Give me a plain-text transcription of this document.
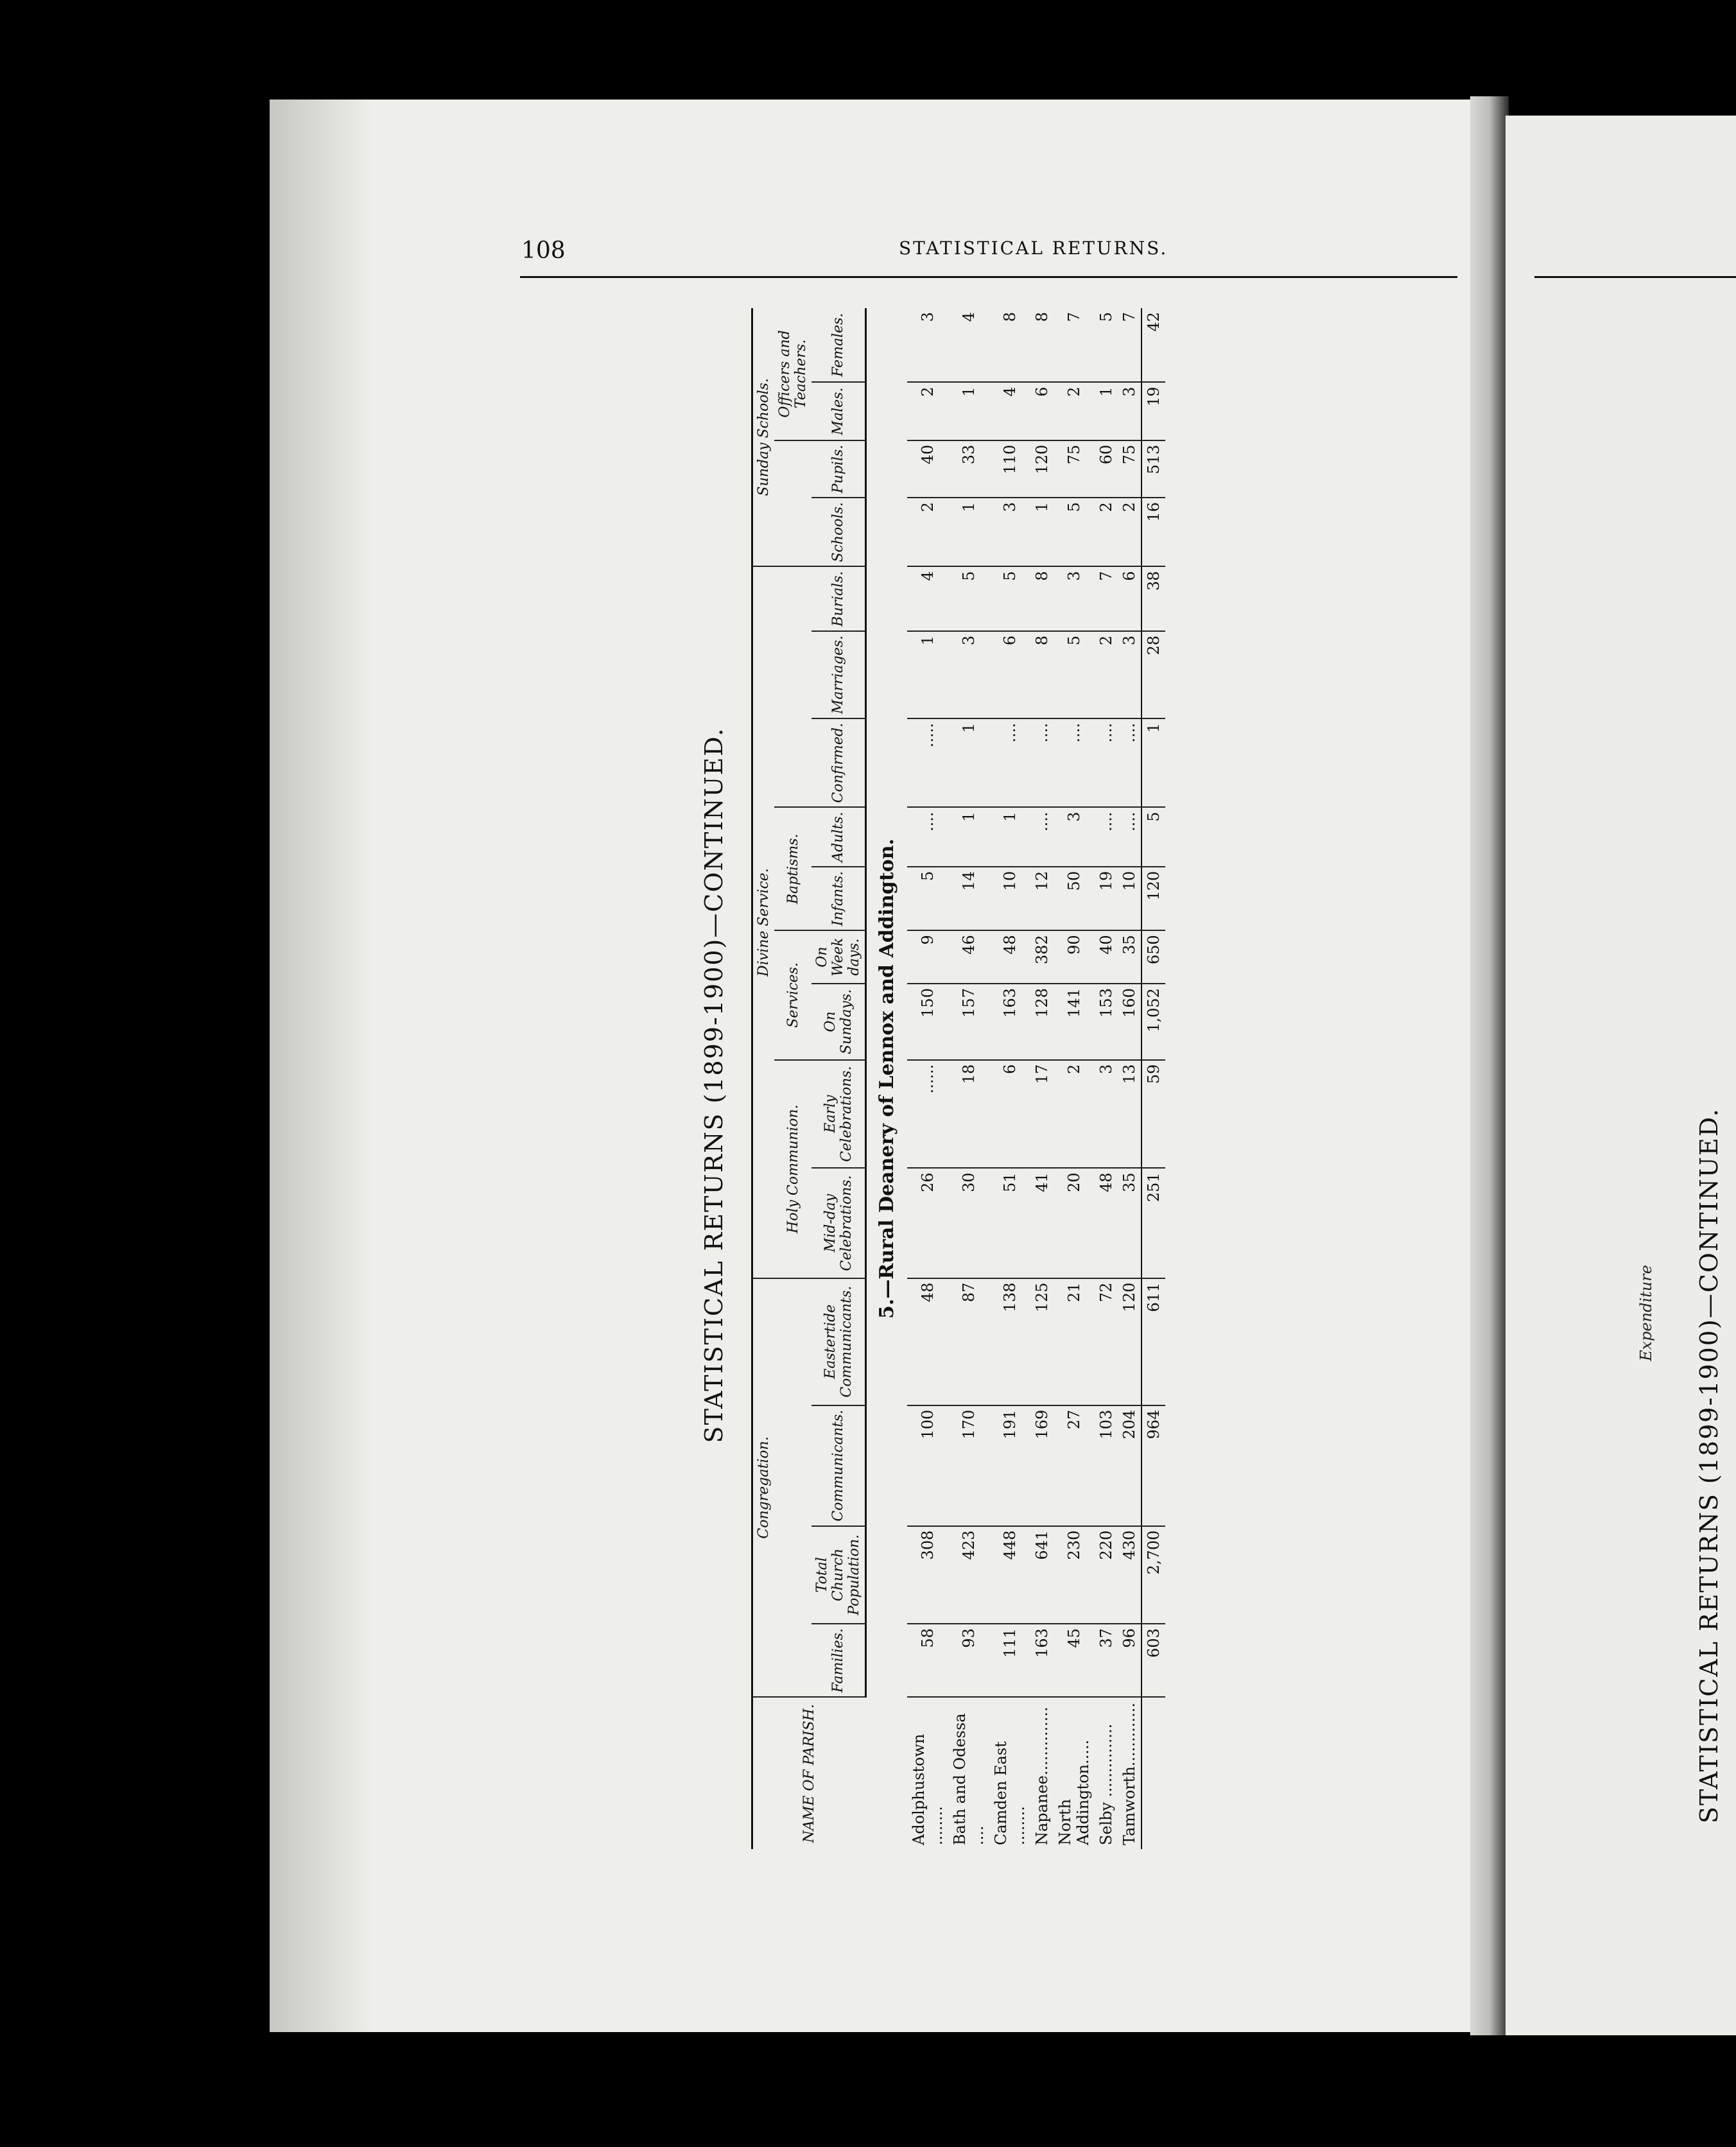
108	STATISTICAL RETURNS.
STATISTICAL RETURNS (1899-1900)—CONTINUED.
NAME OF PARISH.	Congregation.				Divine Service.									Sunday Schools.			
					Holy Communion.		Services.		Baptisms.							Officers and Teachers.	
	Families.	Total Church Population.	Communicants.	Eastertide Communicants.	Mid-day Celebrations.	Early Celebrations.	On Sundays.	On Week days.	Infants.	Adults.	Confirmed.	Marriages.	Burials.	Schools.	Pupils.	Males.	Females.
5.—Rural Deanery of Lennox and Addington.																	
Adolphustown ........	58	308	100	48	26	......	150	9	5	....	.....	1	4	2	40	2	3
Bath and Odessa ....	93	423	170	87	30	18	157	46	14	1	1	3	5	1	33	1	4
Camden East ........	111	448	191	138	51	6	163	48	10	1	....	6	5	3	110	4	8
Napanee..............	163	641	169	125	41	17	128	382	12	....	....	8	8	1	120	6	8
North Addington.....	45	230	27	21	20	2	141	90	50	3	....	5	3	5	75	2	7
Selby ...............	37	220	103	72	48	3	153	40	19	....	....	2	7	2	60	1	5
Tamworth.............	96	430	204	120	35	13	160	35	10	....	....	3	6	2	75	3	7
	603	2,700	964	611	251	59	1,052	650	120	5	1	28	38	16	513	19	42
STATISTICAL RETURNS (1899-1900)—CONTINUED.
Expenditure
